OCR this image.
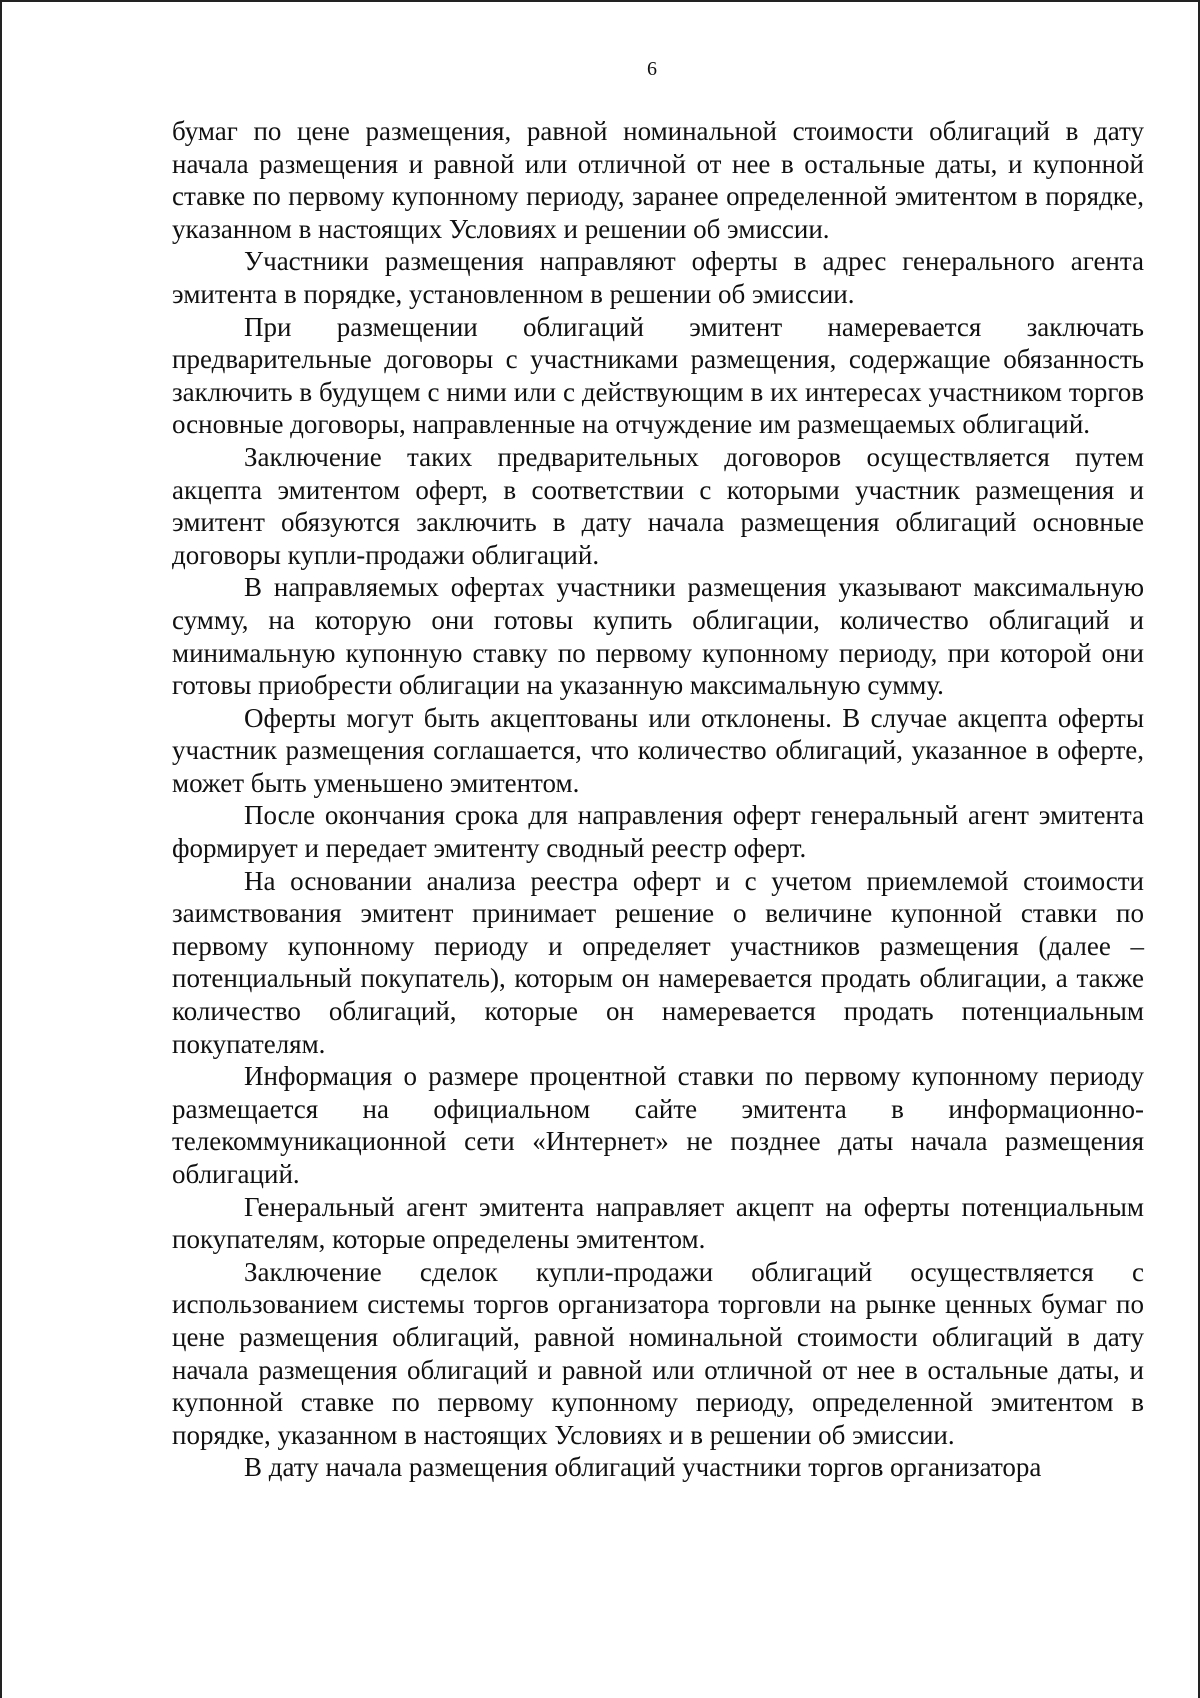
6

бумаг по цене размещения, равной номинальной стоимости облигаций в дату начала размещения и равной или отличной от нее в остальные даты, и купонной ставке по первому купонному периоду, заранее определенной эмитентом в порядке, указанном в настоящих Условиях и решении об эмиссии.

Участники размещения направляют оферты в адрес генерального агента эмитента в порядке, установленном в решении об эмиссии.

При размещении облигаций эмитент намеревается заключать предварительные договоры с участниками размещения, содержащие обязанность заключить в будущем с ними или с действующим в их интересах участником торгов основные договоры, направленные на отчуждение им размещаемых облигаций.

Заключение таких предварительных договоров осуществляется путем акцепта эмитентом оферт, в соответствии с которыми участник размещения и эмитент обязуются заключить в дату начала размещения облигаций основные договоры купли-продажи облигаций.

В направляемых офертах участники размещения указывают максимальную сумму, на которую они готовы купить облигации, количество облигаций и минимальную купонную ставку по первому купонному периоду, при которой они готовы приобрести облигации на указанную максимальную сумму.

Оферты могут быть акцептованы или отклонены. В случае акцепта оферты участник размещения соглашается, что количество облигаций, указанное в оферте, может быть уменьшено эмитентом.

После окончания срока для направления оферт генеральный агент эмитента формирует и передает эмитенту сводный реестр оферт.

На основании анализа реестра оферт и с учетом приемлемой стоимости заимствования эмитент принимает решение о величине купонной ставки по первому купонному периоду и определяет участников размещения (далее – потенциальный покупатель), которым он намеревается продать облигации, а также количество облигаций, которые он намеревается продать потенциальным покупателям.

Информация о размере процентной ставки по первому купонному периоду размещается на официальном сайте эмитента в информационно-телекоммуникационной сети «Интернет» не позднее даты начала размещения облигаций.

Генеральный агент эмитента направляет акцепт на оферты потенциальным покупателям, которые определены эмитентом.

Заключение сделок купли-продажи облигаций осуществляется с использованием системы торгов организатора торговли на рынке ценных бумаг по цене размещения облигаций, равной номинальной стоимости облигаций в дату начала размещения облигаций и равной или отличной от нее в остальные даты, и купонной ставке по первому купонному периоду, определенной эмитентом в порядке, указанном в настоящих Условиях и в решении об эмиссии.

В дату начала размещения облигаций участники торгов организатора
